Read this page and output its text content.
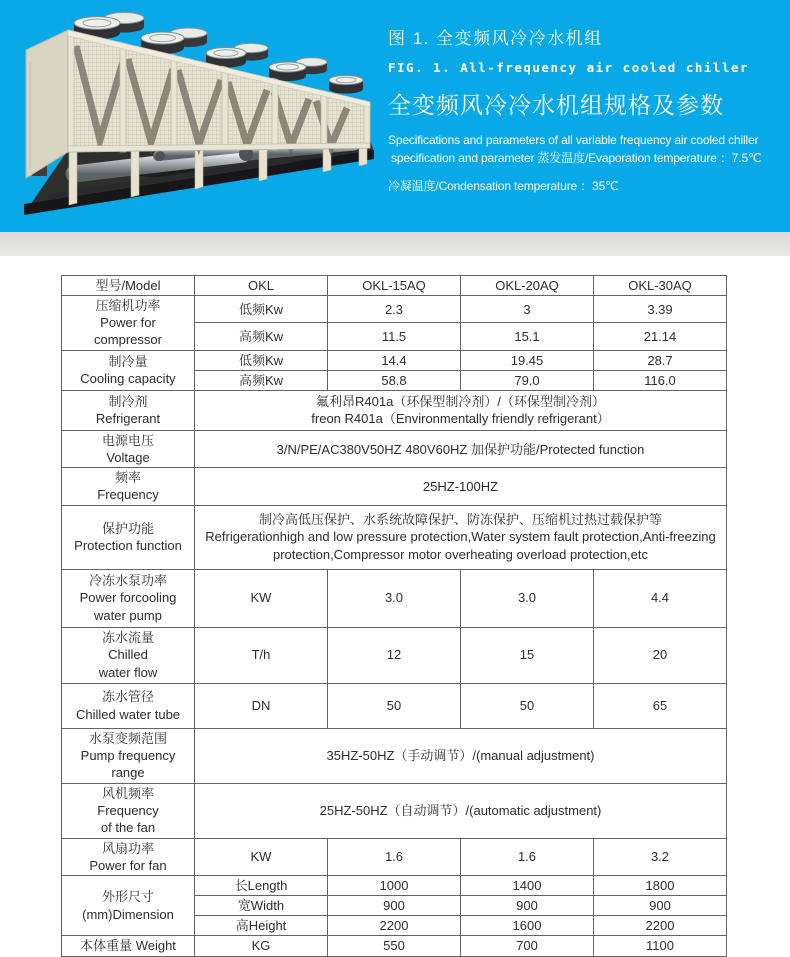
图 1. 全变频风冷冷水机组

FIG. 1. All-frequency air cooled chiller

全变频风冷冷水机组规格及参数

Specifications and parameters of all variable frequency air cooled chiller

specification and parameter 蒸发温度/Evaporation temperature ：7.5℃

冷凝温度/Condensation temperature ：35℃

型号/Model	OKL	OKL-15AQ	OKL-20AQ	OKL-30AQ
压缩机功率
Power for compressor	低频Kw	2.3	3	3.39
	高频Kw	11.5	15.1	21.14
制冷量
Cooling capacity	低频Kw	14.4	19.45	28.7
	高频Kw	58.8	79.0	116.0
制冷剂
Refrigerant	氟利昂R401a（环保型制冷剂）/（环保型制冷剂）
freon R401a（Environmentally friendly refrigerant）			
电源电压
Voltage	3/N/PE/AC380V50HZ 480V60HZ 加保护功能/Protected function			
频率
Frequency	25HZ-100HZ			
保护功能
Protection function	制冷高低压保护、水系统故障保护、防冻保护、压缩机过热过载保护等
Refrigerationhigh and low pressure protection,Water system fault protection,Anti-freezing protection,Compressor motor overheating overload protection,etc			
冷冻水泵功率
Power forcooling
water pump	KW	3.0	3.0	4.4
冻水流量
Chilled
water flow	T/h	12	15	20
冻水管径
Chilled water tube	DN	50	50	65
水泵变频范围
Pump frequency
range	35HZ-50HZ（手动调节）/(manual adjustment)			
风机频率
Frequency
of the fan	25HZ-50HZ（自动调节）/(automatic adjustment)			
风扇功率
Power for fan	KW	1.6	1.6	3.2
外形尺寸
(mm)Dimension	长Length	1000	1400	1800
	宽Width	900	900	900
	高Height	2200	1600	2200
本体重量 Weight	KG	550	700	1100
